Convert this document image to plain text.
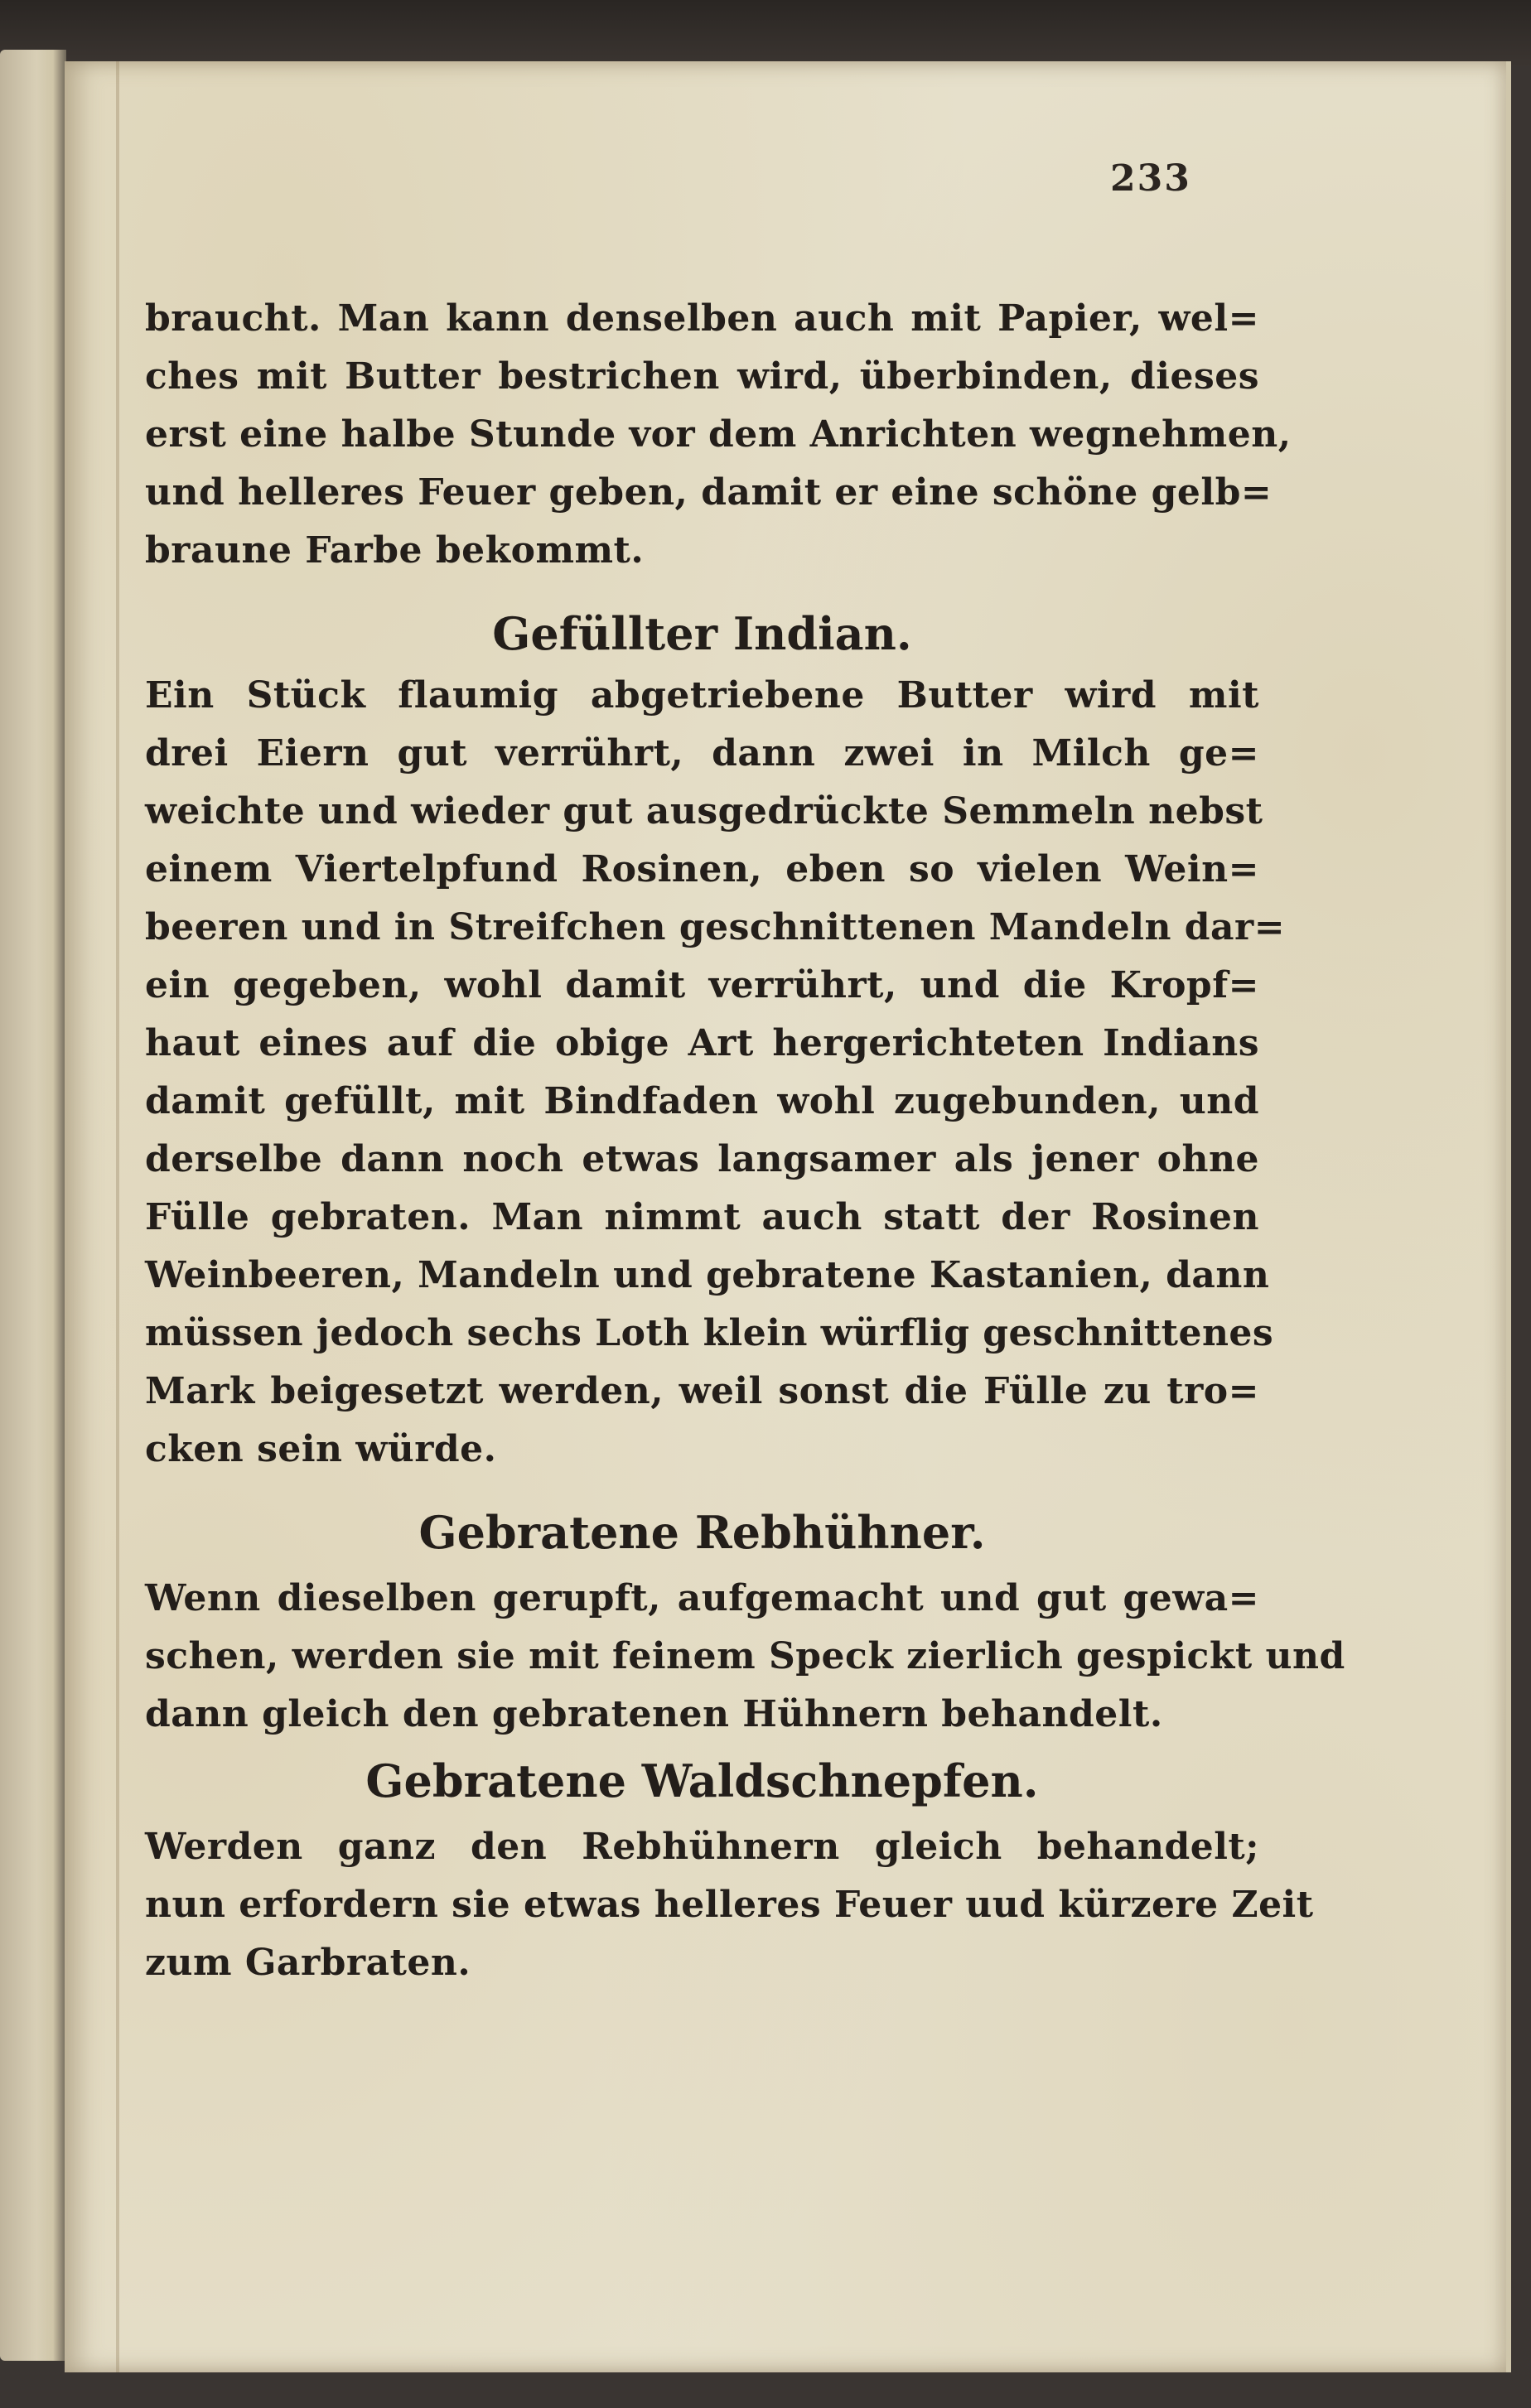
233
braucht. Man kann denselben auch mit Papier, wel=
ches mit Butter bestrichen wird, überbinden, dieses
erst eine halbe Stunde vor dem Anrichten wegnehmen,
und helleres Feuer geben, damit er eine schöne gelb=
braune Farbe bekommt.
Gefüllter Indian.
Ein Stück flaumig abgetriebene Butter wird mit
drei Eiern gut verrührt, dann zwei in Milch ge=
weichte und wieder gut ausgedrückte Semmeln nebst
einem Viertelpfund Rosinen, eben so vielen Wein=
beeren und in Streifchen geschnittenen Mandeln dar=
ein gegeben, wohl damit verrührt, und die Kropf=
haut eines auf die obige Art hergerichteten Indians
damit gefüllt, mit Bindfaden wohl zugebunden, und
derselbe dann noch etwas langsamer als jener ohne
Fülle gebraten. Man nimmt auch statt der Rosinen
Weinbeeren, Mandeln und gebratene Kastanien, dann
müssen jedoch sechs Loth klein würflig geschnittenes
Mark beigesetzt werden, weil sonst die Fülle zu tro=
cken sein würde.
Gebratene Rebhühner.
Wenn dieselben gerupft, aufgemacht und gut gewa=
schen, werden sie mit feinem Speck zierlich gespickt und
dann gleich den gebratenen Hühnern behandelt.
Gebratene Waldschnepfen.
Werden ganz den Rebhühnern gleich behandelt;
nun erfordern sie etwas helleres Feuer uud kürzere Zeit
zum Garbraten.
